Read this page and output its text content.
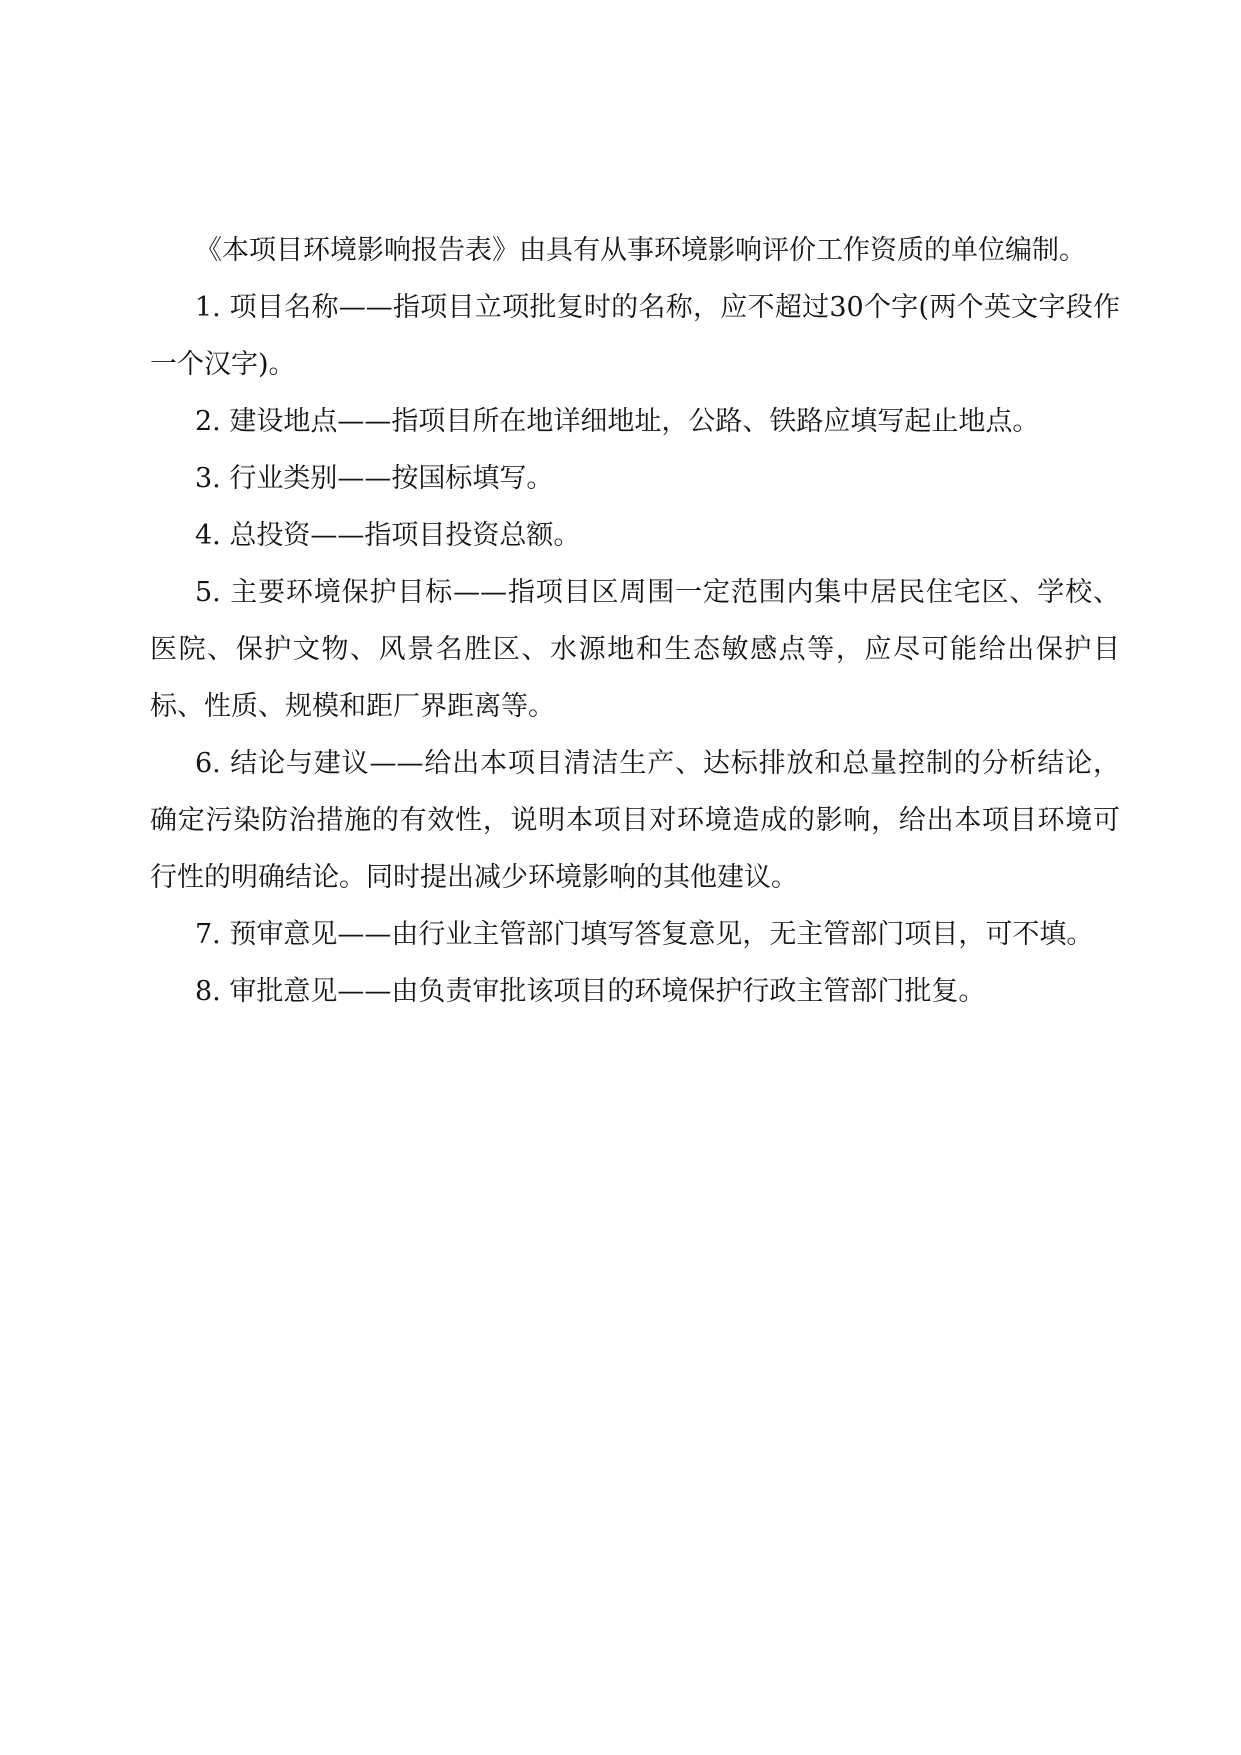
《本项目环境影响报告表》由具有从事环境影响评价工作资质的单位编制。

1. 项目名称——指项目立项批复时的名称，应不超过30个字(两个英文字段作一个汉字)。

2. 建设地点——指项目所在地详细地址，公路、铁路应填写起止地点。

3. 行业类别——按国标填写。

4. 总投资——指项目投资总额。

5. 主要环境保护目标——指项目区周围一定范围内集中居民住宅区、学校、医院、保护文物、风景名胜区、水源地和生态敏感点等，应尽可能给出保护目标、性质、规模和距厂界距离等。

6. 结论与建议——给出本项目清洁生产、达标排放和总量控制的分析结论，确定污染防治措施的有效性，说明本项目对环境造成的影响，给出本项目环境可行性的明确结论。同时提出减少环境影响的其他建议。

7. 预审意见——由行业主管部门填写答复意见，无主管部门项目，可不填。

8. 审批意见——由负责审批该项目的环境保护行政主管部门批复。
